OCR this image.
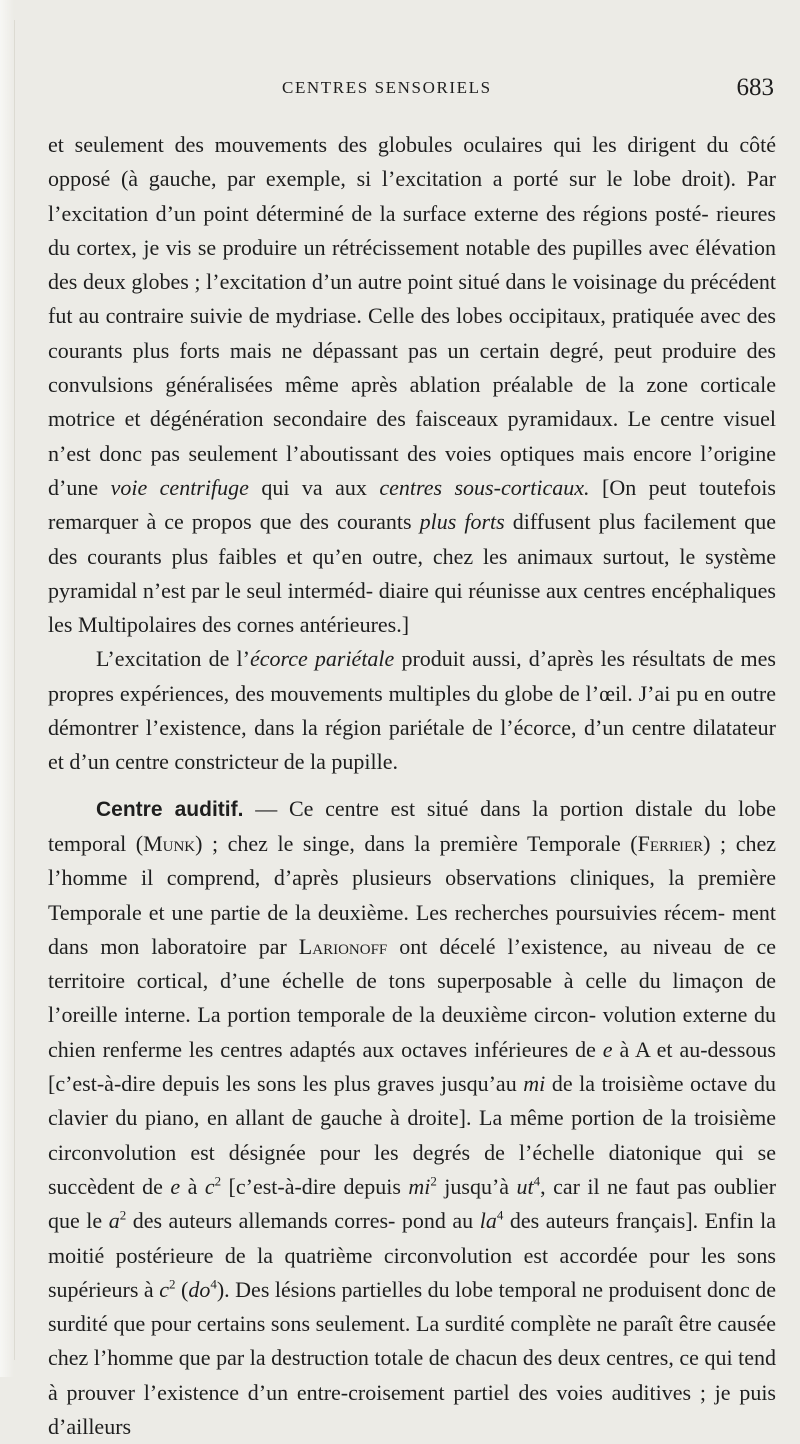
CENTRES SENSORIELS	683

et seulement des mouvements des globules oculaires qui les dirigent du côté opposé (à gauche, par exemple, si l’excitation a porté sur le lobe droit). Par l’excitation d’un point déterminé de la surface externe des régions posté- rieures du cortex, je vis se produire un rétrécissement notable des pupilles avec élévation des deux globes ; l’excitation d’un autre point situé dans le voisinage du précédent fut au contraire suivie de mydriase. Celle des lobes occipitaux, pratiquée avec des courants plus forts mais ne dépassant pas un certain degré, peut produire des convulsions généralisées même après ablation préalable de la zone corticale motrice et dégénération secondaire des faisceaux pyramidaux. Le centre visuel n’est donc pas seulement l’aboutissant des voies optiques mais encore l’origine d’une voie centrifuge qui va aux centres sous-corticaux. [On peut toutefois remarquer à ce propos que des courants plus forts diffusent plus facilement que des courants plus faibles et qu’en outre, chez les animaux surtout, le système pyramidal n’est par le seul interméd- diaire qui réunisse aux centres encéphaliques les Multipolaires des cornes antérieures.]

L’excitation de l’écorce pariétale produit aussi, d’après les résultats de mes propres expériences, des mouvements multiples du globe de l’œil. J’ai pu en outre démontrer l’existence, dans la région pariétale de l’écorce, d’un centre dilatateur et d’un centre constricteur de la pupille.

Centre auditif. — Ce centre est situé dans la portion distale du lobe temporal (Munk) ; chez le singe, dans la première Temporale (Ferrier) ; chez l’homme il comprend, d’après plusieurs observations cliniques, la première Temporale et une partie de la deuxième. Les recherches poursuivies récem- ment dans mon laboratoire par Larionoff ont décelé l’existence, au niveau de ce territoire cortical, d’une échelle de tons superposable à celle du limaçon de l’oreille interne. La portion temporale de la deuxième circon- volution externe du chien renferme les centres adaptés aux octaves inférieures de e à A et au-dessous [c’est-à-dire depuis les sons les plus graves jusqu’au mi de la troisième octave du clavier du piano, en allant de gauche à droite]. La même portion de la troisième circonvolution est désignée pour les degrés de l’échelle diatonique qui se succèdent de e à $c^2$ [c’est-à-dire depuis $mi^2$ jusqu’à $ut^4$, car il ne faut pas oublier que le $a^2$ des auteurs allemands corres- pond au $la^4$ des auteurs français]. Enfin la moitié postérieure de la quatrième circonvolution est accordée pour les sons supérieurs à $c^2$ $(do^4)$. Des lésions partielles du lobe temporal ne produisent donc de surdité que pour certains sons seulement. La surdité complète ne paraît être causée chez l’homme que par la destruction totale de chacun des deux centres, ce qui tend à prouver l’existence d’un entre-croisement partiel des voies auditives ; je puis d’ailleurs
